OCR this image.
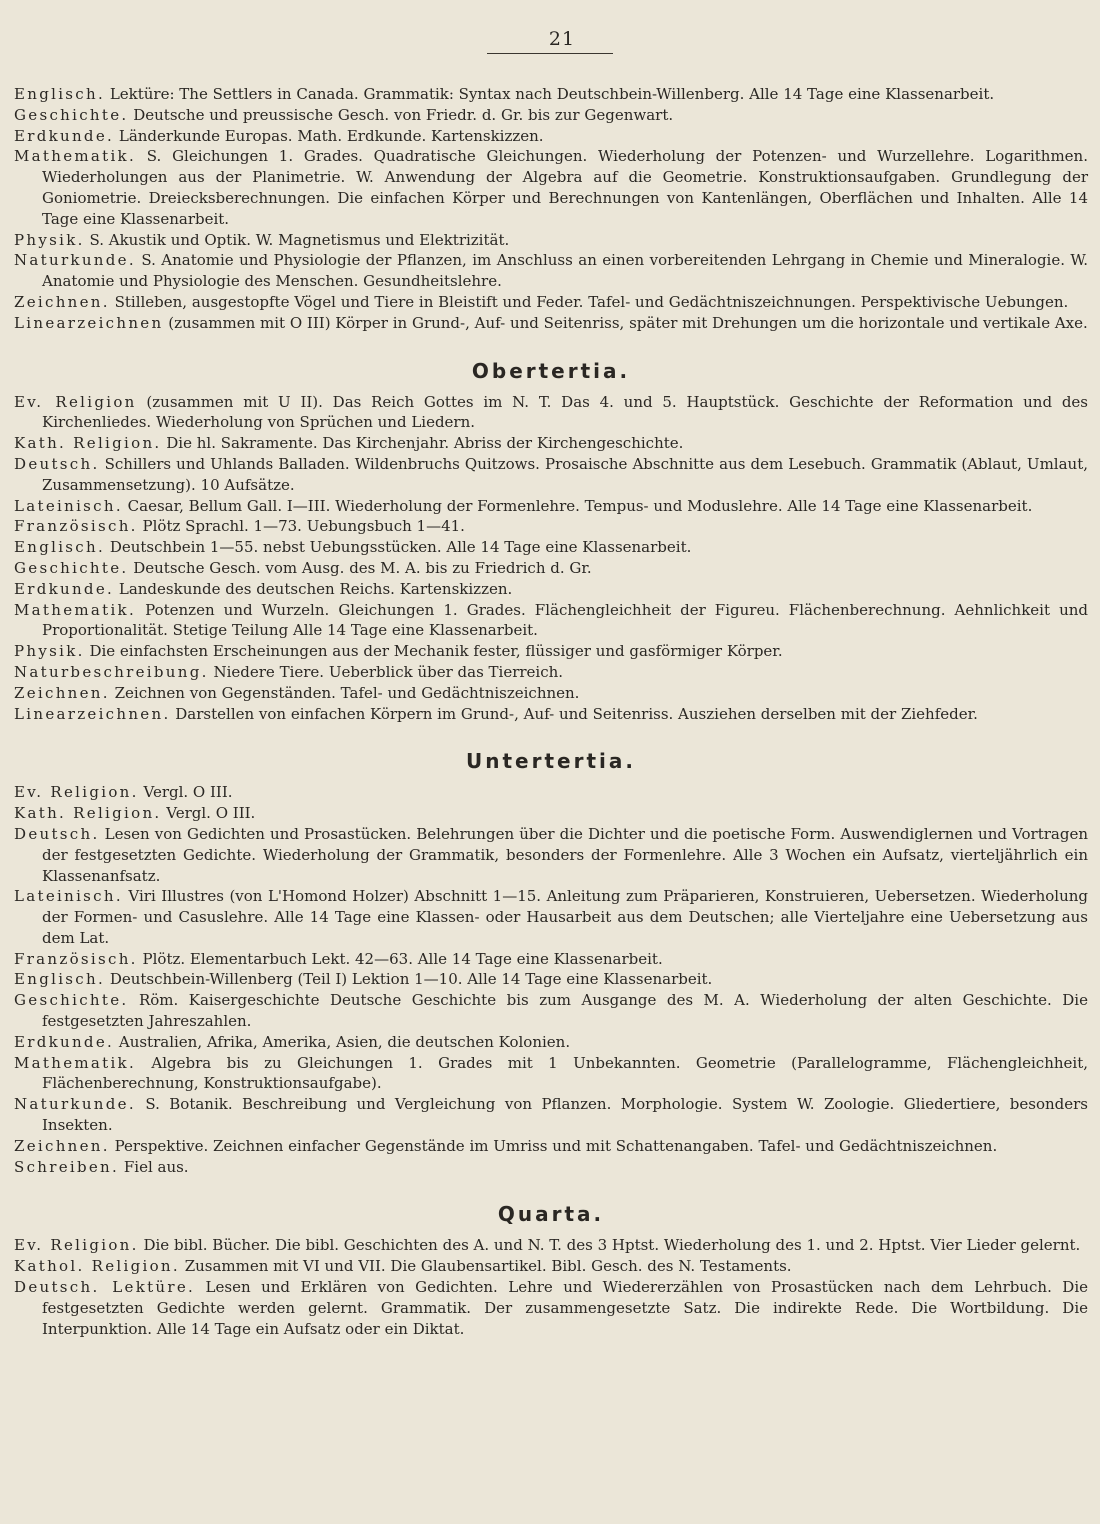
21

Englisch. Lektüre: The Settlers in Canada. Grammatik: Syntax nach Deutschbein-Willenberg. Alle 14 Tage eine Klassenarbeit.

Geschichte. Deutsche und preussische Gesch. von Friedr. d. Gr. bis zur Gegenwart.

Erdkunde. Länderkunde Europas. Math. Erdkunde. Kartenskizzen.

Mathematik. S. Gleichungen 1. Grades. Quadratische Gleichungen. Wiederholung der Potenzen- und Wurzellehre. Logarithmen. Wiederholungen aus der Planimetrie. W. Anwendung der Algebra auf die Geometrie. Konstruktionsaufgaben. Grundlegung der Goniometrie. Dreiecksberechnungen. Die einfachen Körper und Berechnungen von Kantenlängen, Oberflächen und Inhalten. Alle 14 Tage eine Klassenarbeit.

Physik. S. Akustik und Optik. W. Magnetismus und Elektrizität.

Naturkunde. S. Anatomie und Physiologie der Pflanzen, im Anschluss an einen vorbereitenden Lehrgang in Chemie und Mineralogie. W. Anatomie und Physiologie des Menschen. Gesundheitslehre.

Zeichnen. Stilleben, ausgestopfte Vögel und Tiere in Bleistift und Feder. Tafel- und Gedächtniszeichnungen. Perspektivische Uebungen.

Linearzeichnen (zusammen mit O III) Körper in Grund-, Auf- und Seitenriss, später mit Drehungen um die horizontale und vertikale Axe.

Obertertia.

Ev. Religion (zusammen mit U II). Das Reich Gottes im N. T. Das 4. und 5. Hauptstück. Geschichte der Reformation und des Kirchenliedes. Wiederholung von Sprüchen und Liedern.

Kath. Religion. Die hl. Sakramente. Das Kirchenjahr. Abriss der Kirchengeschichte.

Deutsch. Schillers und Uhlands Balladen. Wildenbruchs Quitzows. Prosaische Abschnitte aus dem Lesebuch. Grammatik (Ablaut, Umlaut, Zusammensetzung). 10 Aufsätze.

Lateinisch. Caesar, Bellum Gall. I—III. Wiederholung der Formenlehre. Tempus- und Moduslehre. Alle 14 Tage eine Klassenarbeit.

Französisch. Plötz Sprachl. 1—73. Uebungsbuch 1—41.

Englisch. Deutschbein 1—55. nebst Uebungsstücken. Alle 14 Tage eine Klassenarbeit.

Geschichte. Deutsche Gesch. vom Ausg. des M. A. bis zu Friedrich d. Gr.

Erdkunde. Landeskunde des deutschen Reichs. Kartenskizzen.

Mathematik. Potenzen und Wurzeln. Gleichungen 1. Grades. Flächengleichheit der Figureu. Flächenberechnung. Aehnlichkeit und Proportionalität. Stetige Teilung Alle 14 Tage eine Klassenarbeit.

Physik. Die einfachsten Erscheinungen aus der Mechanik fester, flüssiger und gasförmiger Körper.

Naturbeschreibung. Niedere Tiere. Ueberblick über das Tierreich.

Zeichnen. Zeichnen von Gegenständen. Tafel- und Gedächtniszeichnen.

Linearzeichnen. Darstellen von einfachen Körpern im Grund-, Auf- und Seitenriss. Ausziehen derselben mit der Ziehfeder.

Untertertia.

Ev. Religion. Vergl. O III.

Kath. Religion. Vergl. O III.

Deutsch. Lesen von Gedichten und Prosastücken. Belehrungen über die Dichter und die poetische Form. Auswendiglernen und Vortragen der festgesetzten Gedichte. Wiederholung der Grammatik, besonders der Formenlehre. Alle 3 Wochen ein Aufsatz, vierteljährlich ein Klassenanfsatz.

Lateinisch. Viri Illustres (von L'Homond Holzer) Abschnitt 1—15. Anleitung zum Präparieren, Konstruieren, Uebersetzen. Wiederholung der Formen- und Casuslehre. Alle 14 Tage eine Klassen- oder Hausarbeit aus dem Deutschen; alle Vierteljahre eine Uebersetzung aus dem Lat.

Französisch. Plötz. Elementarbuch Lekt. 42—63. Alle 14 Tage eine Klassenarbeit.

Englisch. Deutschbein-Willenberg (Teil I) Lektion 1—10. Alle 14 Tage eine Klassenarbeit.

Geschichte. Röm. Kaisergeschichte Deutsche Geschichte bis zum Ausgange des M. A. Wiederholung der alten Geschichte. Die festgesetzten Jahreszahlen.

Erdkunde. Australien, Afrika, Amerika, Asien, die deutschen Kolonien.

Mathematik. Algebra bis zu Gleichungen 1. Grades mit 1 Unbekannten. Geometrie (Parallelogramme, Flächengleichheit, Flächenberechnung, Konstruktionsaufgabe).

Naturkunde. S. Botanik. Beschreibung und Vergleichung von Pflanzen. Morphologie. System W. Zoologie. Gliedertiere, besonders Insekten.

Zeichnen. Perspektive. Zeichnen einfacher Gegenstände im Umriss und mit Schattenangaben. Tafel- und Gedächtniszeichnen.

Schreiben. Fiel aus.

Quarta.

Ev. Religion. Die bibl. Bücher. Die bibl. Geschichten des A. und N. T. des 3 Hptst. Wiederholung des 1. und 2. Hptst. Vier Lieder gelernt.

Kathol. Religion. Zusammen mit VI und VII. Die Glaubensartikel. Bibl. Gesch. des N. Testaments.

Deutsch. Lektüre. Lesen und Erklären von Gedichten. Lehre und Wiedererzählen von Prosastücken nach dem Lehrbuch. Die festgesetzten Gedichte werden gelernt. Grammatik. Der zusammengesetzte Satz. Die indirekte Rede. Die Wortbildung. Die Interpunktion. Alle 14 Tage ein Aufsatz oder ein Diktat.
